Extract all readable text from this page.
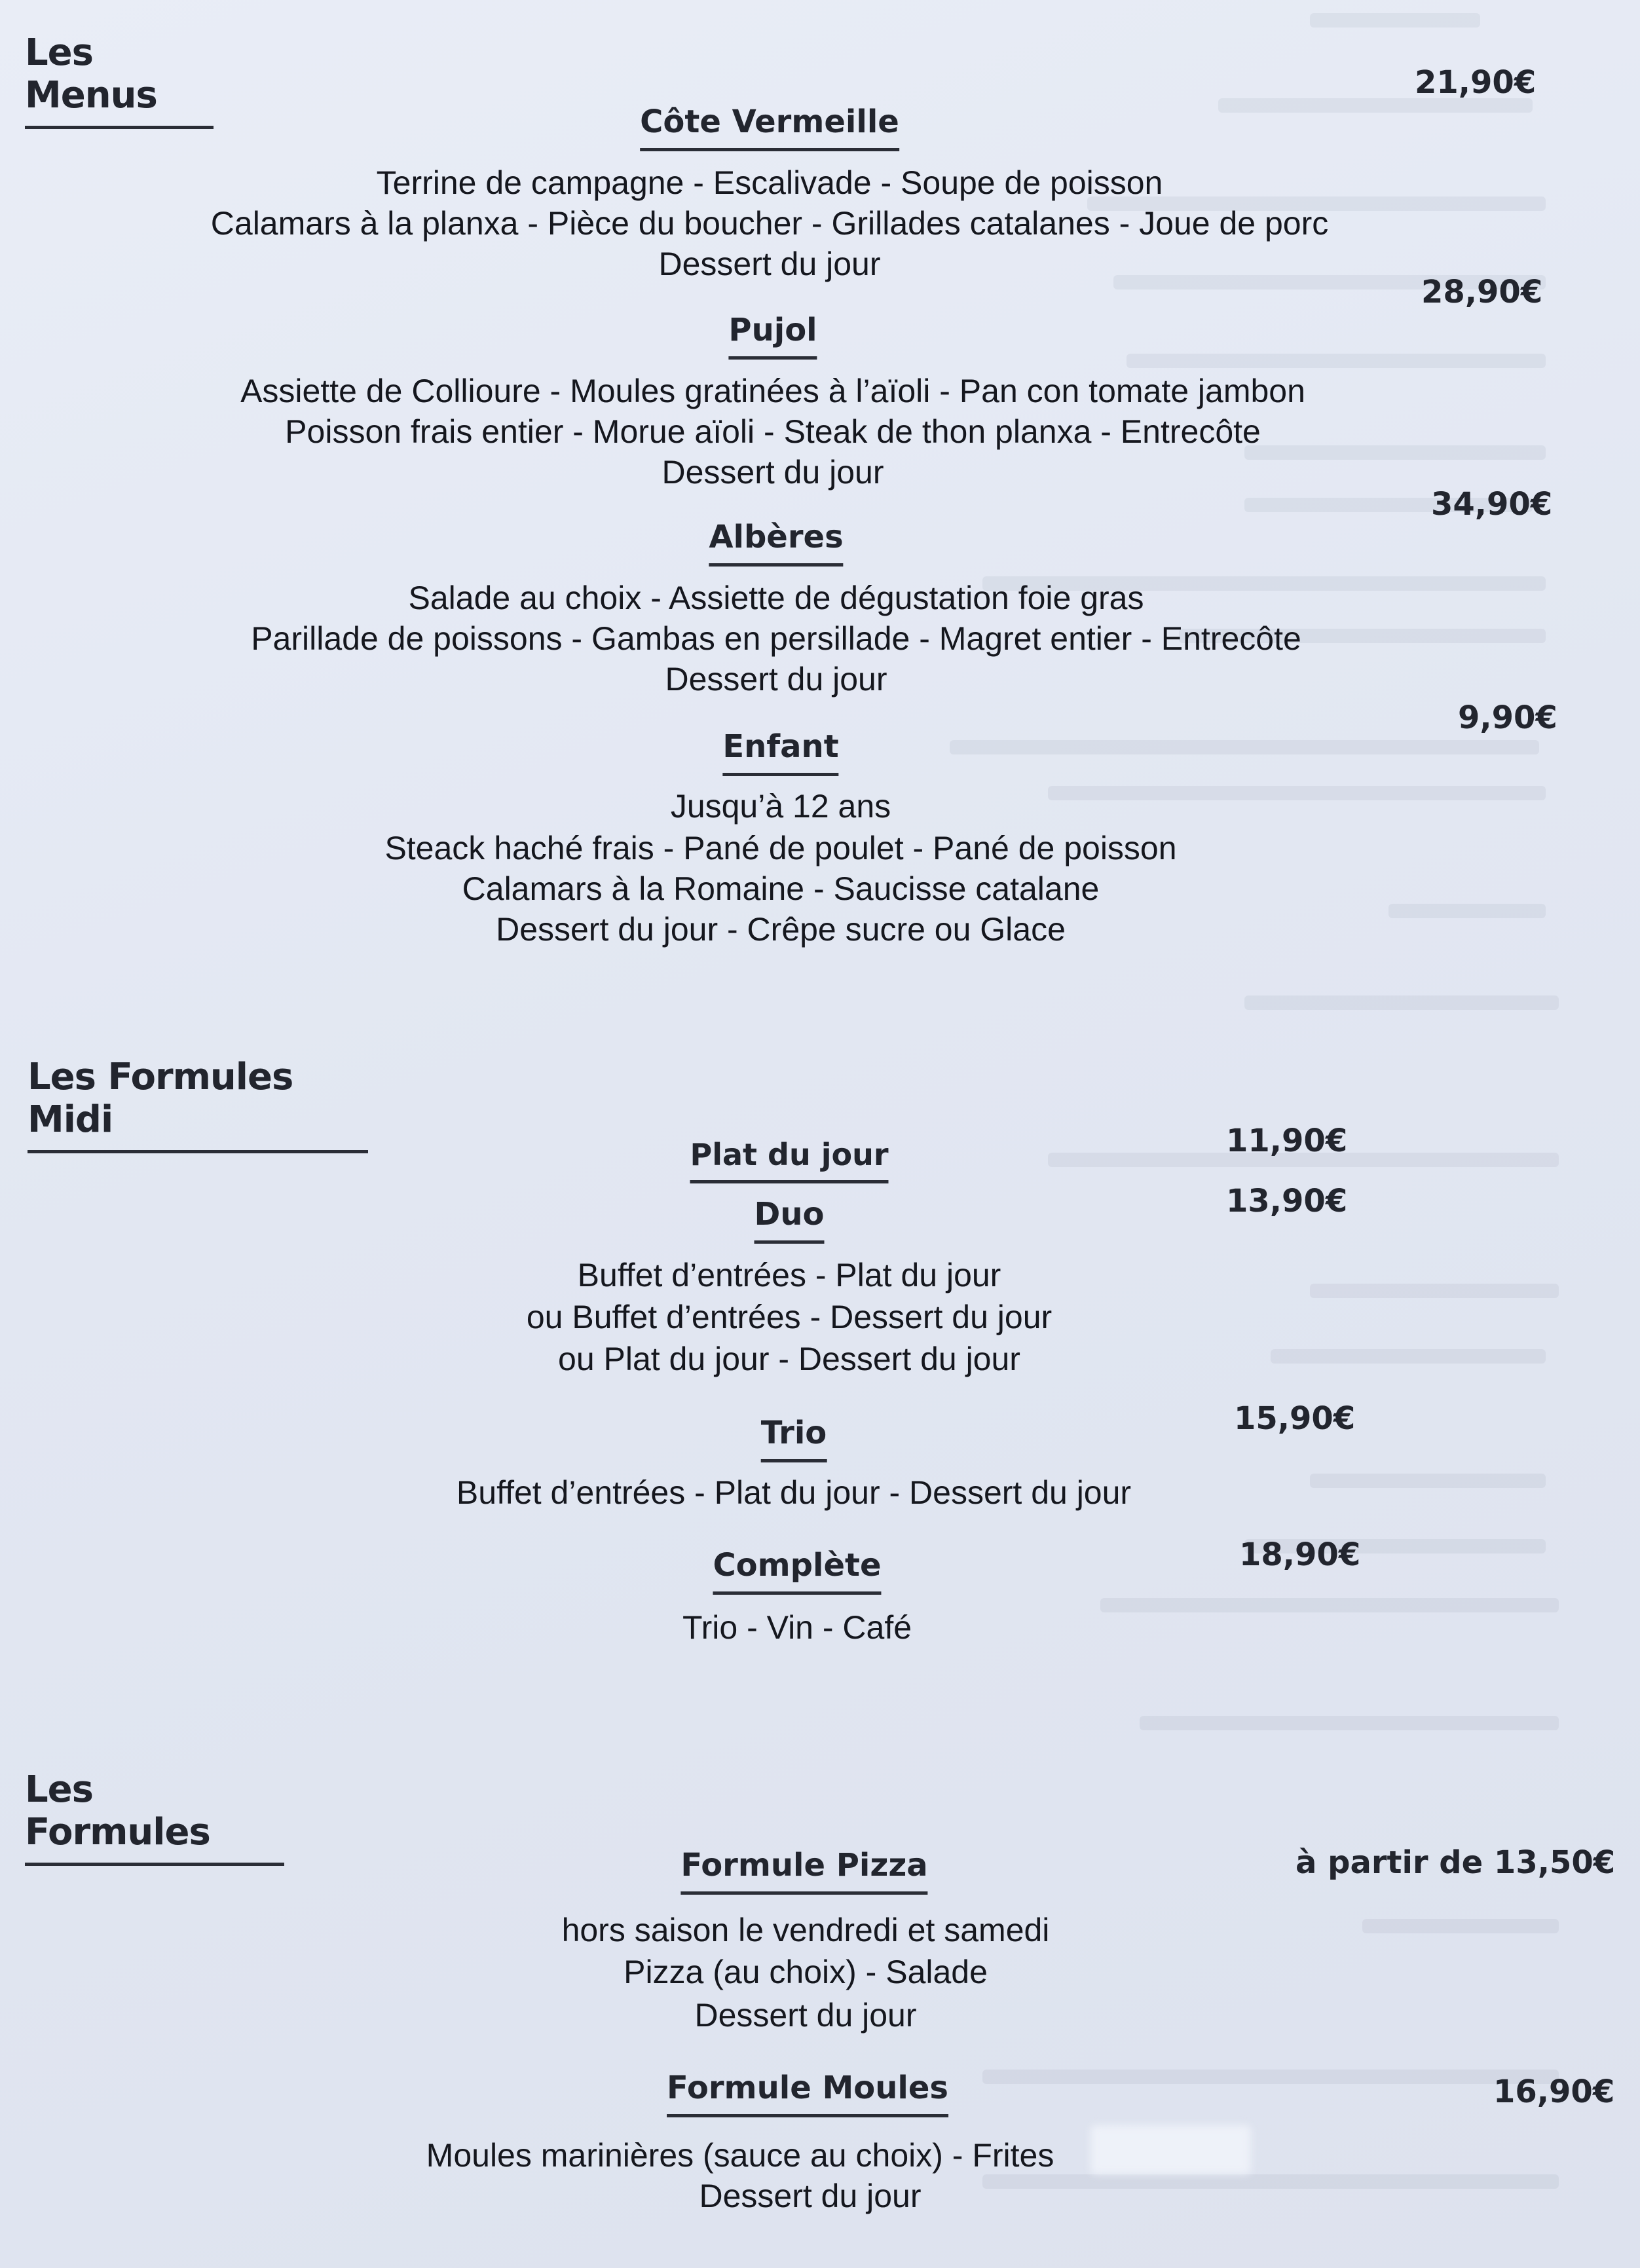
Les Menus
Côte Vermeille
21,90€
Terrine de campagne - Escalivade - Soupe de poisson
Calamars à la planxa - Pièce du boucher - Grillades catalanes - Joue de porc
Dessert du jour
Pujol
28,90€
Assiette de Collioure - Moules gratinées à l’aïoli - Pan con tomate jambon
Poisson frais entier - Morue aïoli - Steak de thon planxa - Entrecôte
Dessert du jour
Albères
34,90€
Salade au choix - Assiette de dégustation foie gras
Parillade de poissons - Gambas en persillade - Magret entier - Entrecôte
Dessert du jour
Enfant
9,90€
Jusqu’à 12 ans
Steack haché frais - Pané de poulet - Pané de poisson
Calamars à la Romaine - Saucisse catalane
Dessert du jour - Crêpe sucre ou Glace
Les Formules Midi
Plat du jour	11,90€
Duo	13,90€
Buffet d’entrées - Plat du jour
ou Buffet d’entrées - Dessert du jour
ou Plat du jour - Dessert du jour
Trio	15,90€
Buffet d’entrées - Plat du jour - Dessert du jour
Complète	18,90€
Trio - Vin - Café
Les Formules
Formule Pizza	à partir de 13,50€
hors saison le vendredi et samedi
Pizza (au choix) - Salade
Dessert du jour
Formule Moules	16,90€
Moules marinières (sauce au choix) - Frites
Dessert du jour
